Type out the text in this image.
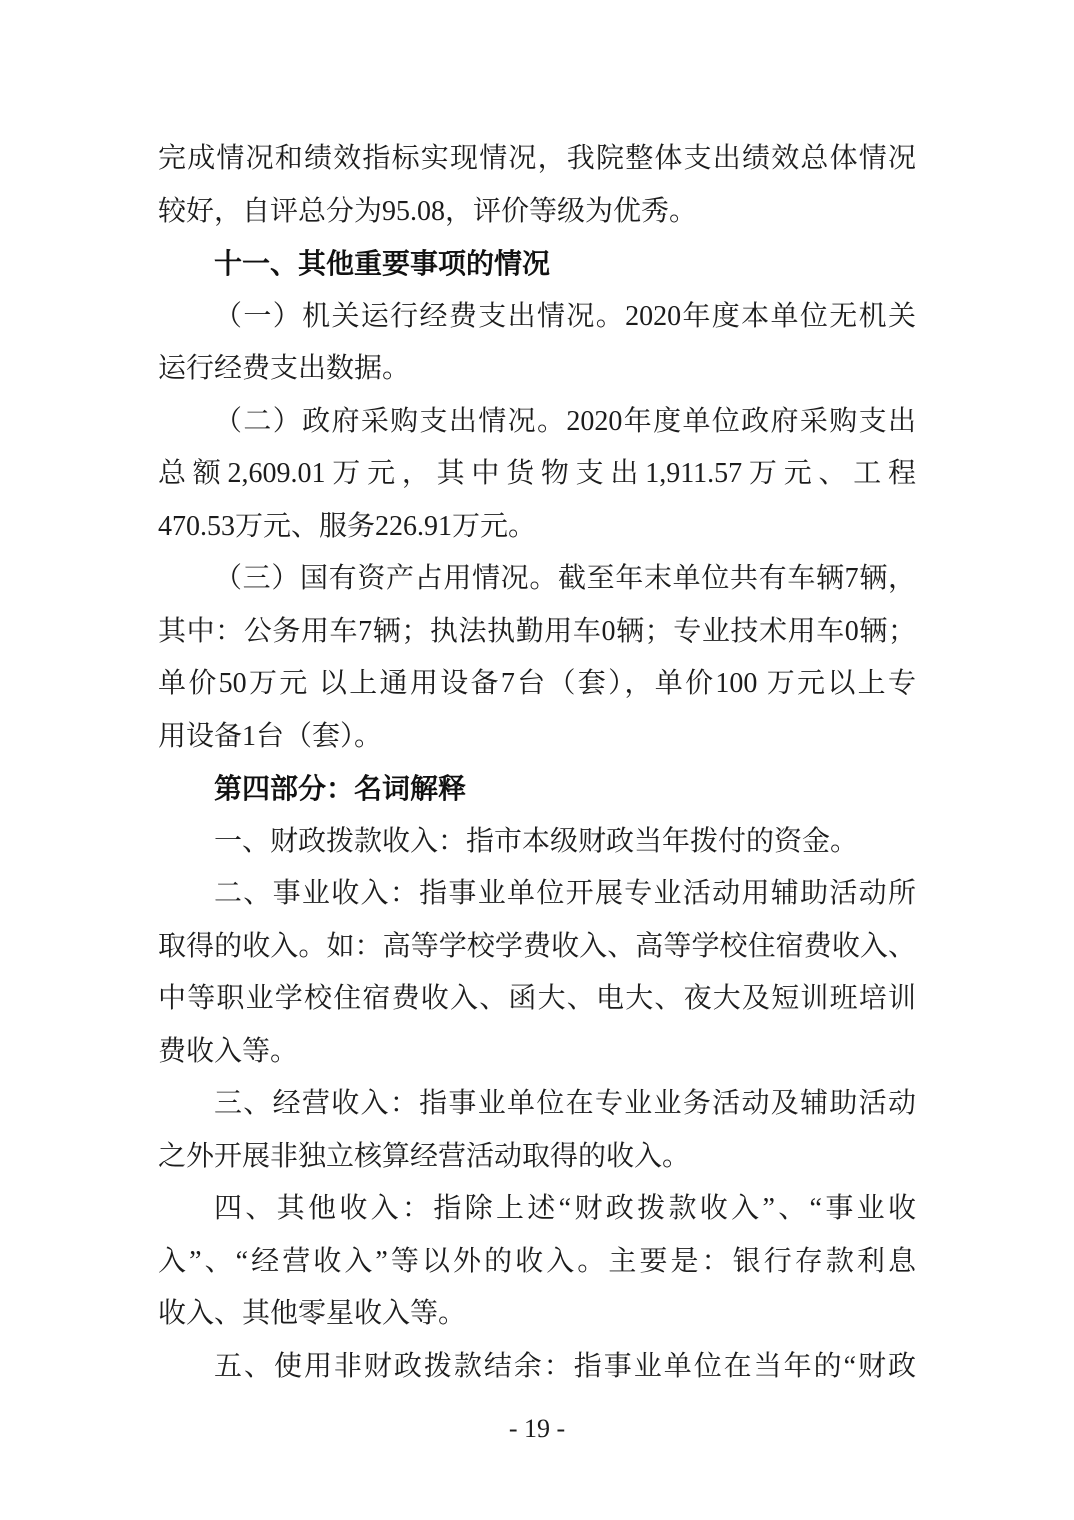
完成情况和绩效指标实现情况，我院整体支出绩效总体情况
较好，自评总分为95.08，评价等级为优秀。
十一、其他重要事项的情况
（一）机关运行经费支出情况。2020年度本单位无机关
运行经费支出数据。
（二）政府采购支出情况。2020年度单位政府采购支出
总额2,609.01万元，其中货物支出1,911.57万元、工程
470.53万元、服务226.91万元。
（三）国有资产占用情况。截至年末单位共有车辆7辆，
其中：公务用车7辆；执法执勤用车0辆；专业技术用车0辆；
单价50万元 以上通用设备7台（套），单价100 万元以上专
用设备1台（套）。
第四部分：名词解释
一、财政拨款收入：指市本级财政当年拨付的资金。
二、事业收入：指事业单位开展专业活动用辅助活动所
取得的收入。如：高等学校学费收入、高等学校住宿费收入、
中等职业学校住宿费收入、函大、电大、夜大及短训班培训
费收入等。
三、经营收入：指事业单位在专业业务活动及辅助活动
之外开展非独立核算经营活动取得的收入。
四、其他收入：指除上述“财政拨款收入”、“事业收
入”、“经营收入”等以外的收入。主要是：银行存款利息
收入、其他零星收入等。
五、使用非财政拨款结余：指事业单位在当年的“财政
- 19 -
